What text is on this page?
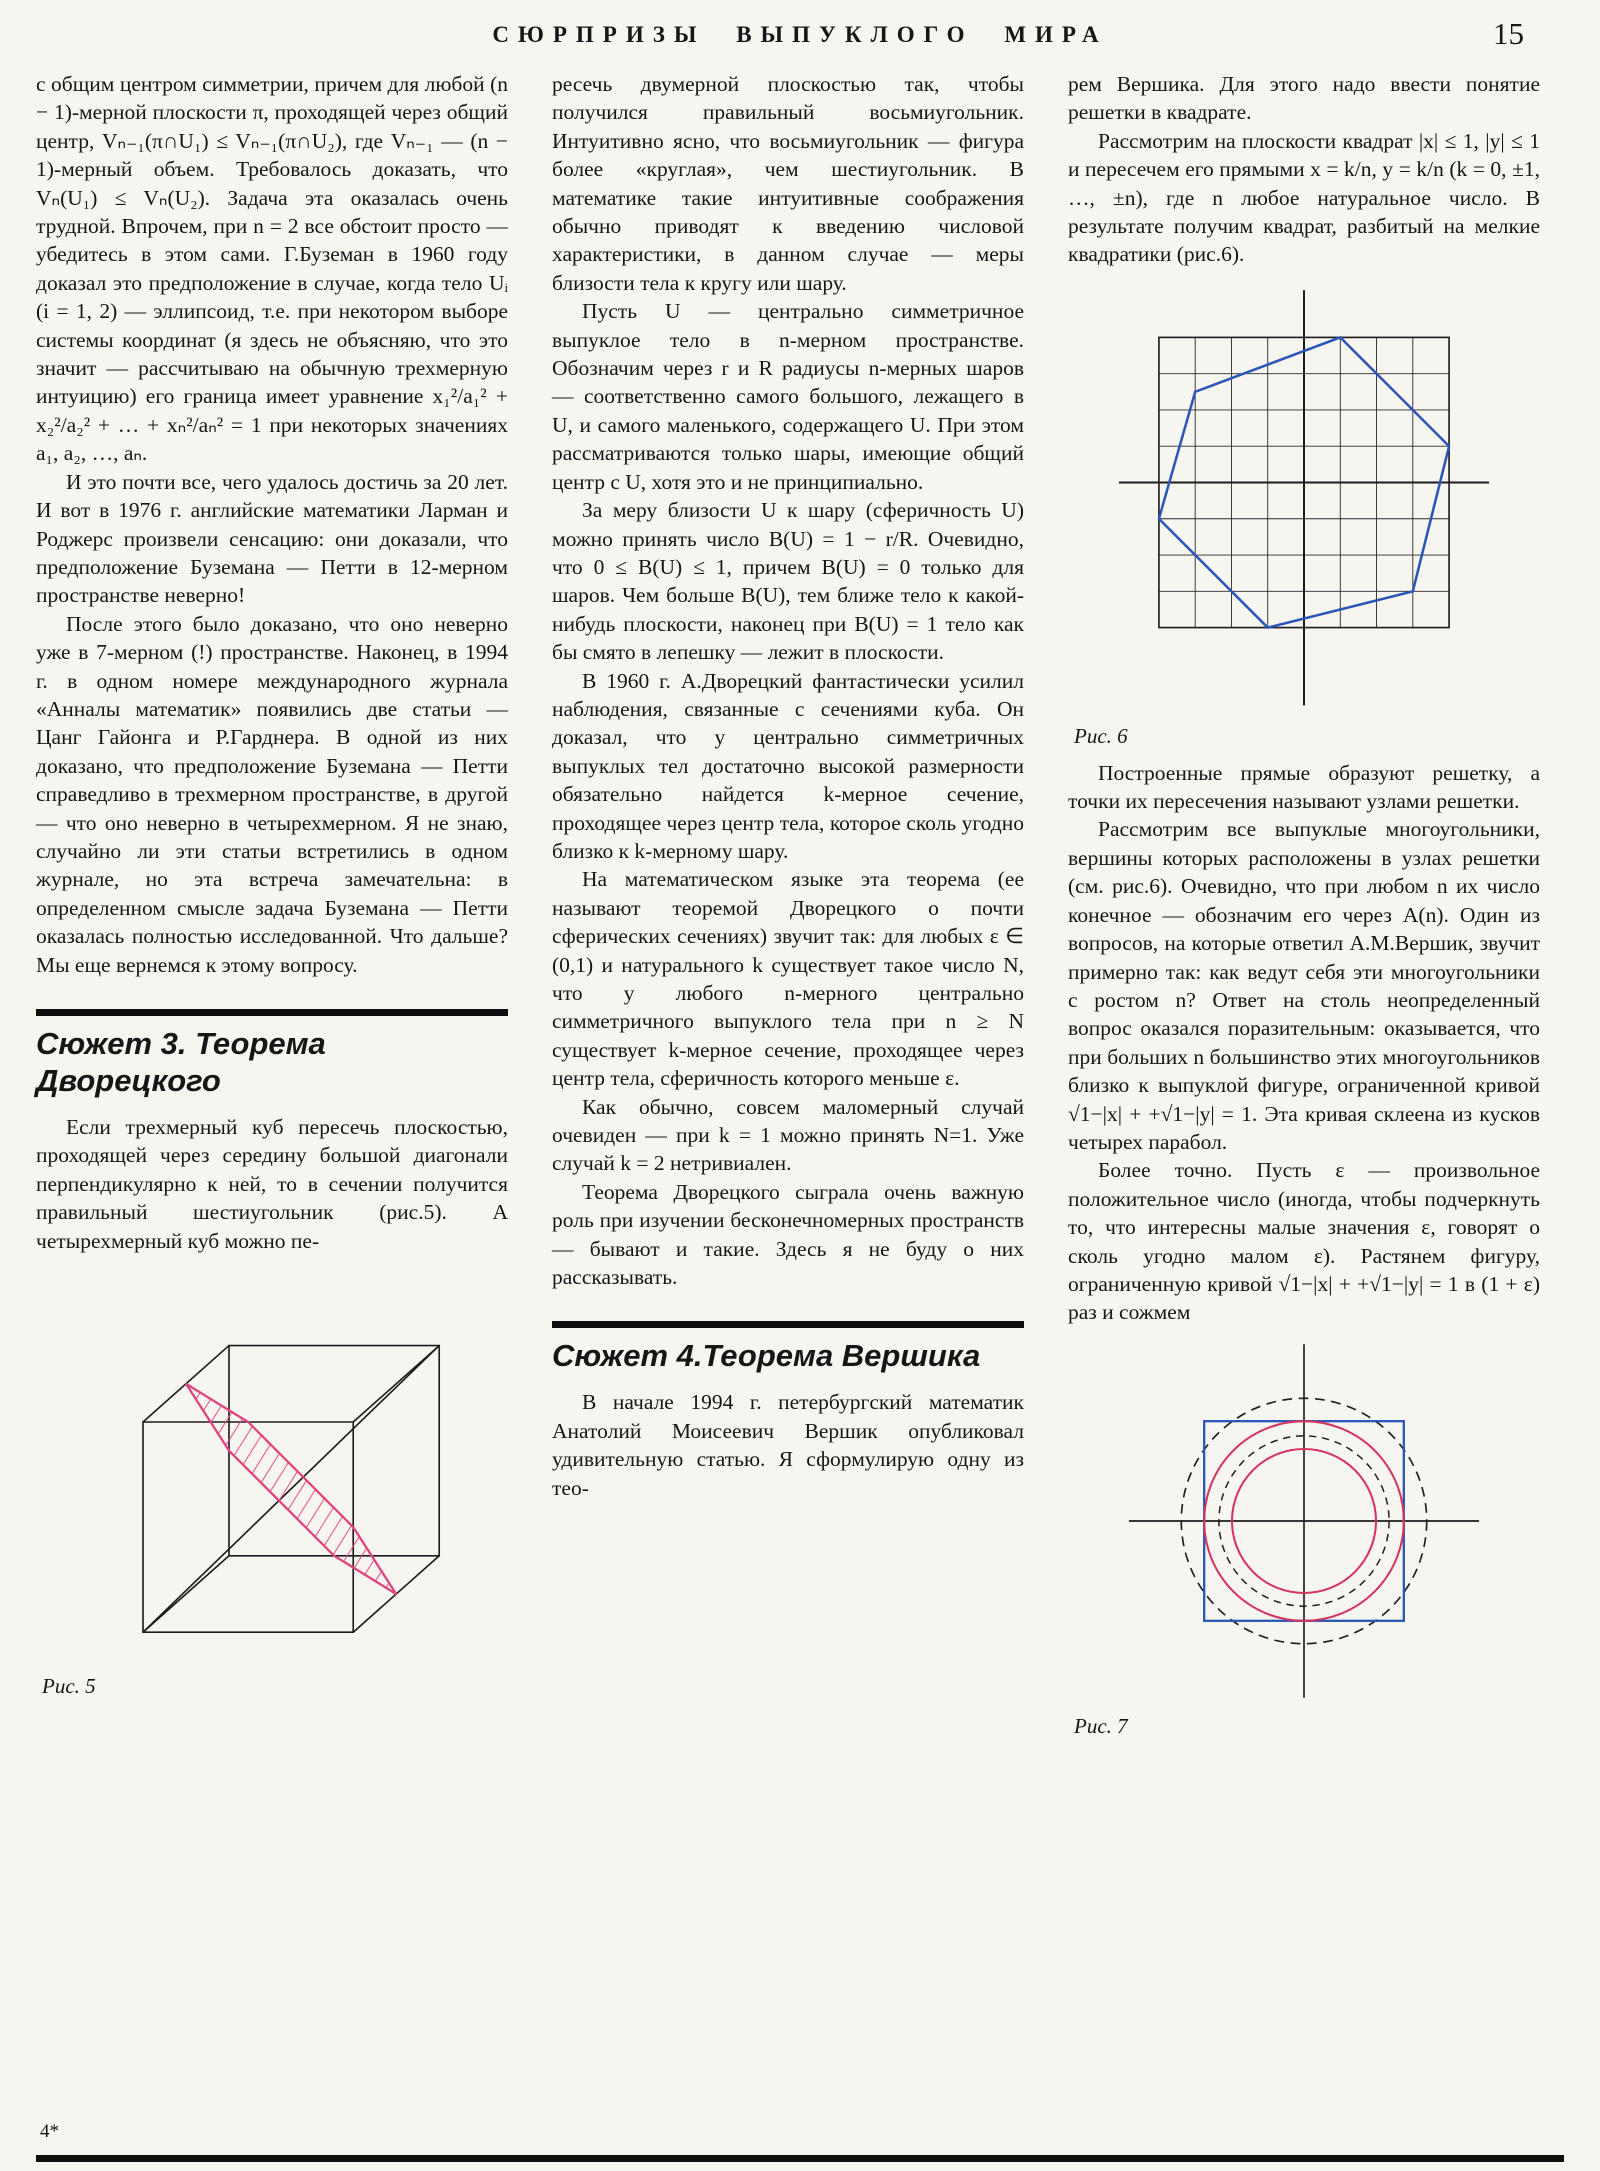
СЮРПРИЗЫ ВЫПУКЛОГО МИРА	15

с общим центром симметрии, причем для любой (n − 1)-мерной плоскости π, проходящей через общий центр, Vₙ₋₁(π∩U₁) ≤ Vₙ₋₁(π∩U₂), где Vₙ₋₁ — (n − 1)-мерный объем. Требовалось доказать, что Vₙ(U₁) ≤ Vₙ(U₂). Задача эта оказалась очень трудной. Впрочем, при n = 2 все обстоит просто — убедитесь в этом сами. Г.Буземан в 1960 году доказал это предположение в случае, когда тело Uᵢ (i = 1, 2) — эллипсоид, т.е. при некотором выборе системы координат (я здесь не объясняю, что это значит — рассчитываю на обычную трехмерную интуицию) его граница имеет уравнение x₁²/a₁² + x₂²/a₂² + … + xₙ²/aₙ² = 1 при некоторых значениях a₁, a₂, …, aₙ.

И это почти все, чего удалось достичь за 20 лет. И вот в 1976 г. английские математики Ларман и Роджерс произвели сенсацию: они доказали, что предположение Буземана — Петти в 12-мерном пространстве неверно!

После этого было доказано, что оно неверно уже в 7-мерном (!) пространстве. Наконец, в 1994 г. в одном номере международного журнала «Анналы математик» появились две статьи — Цанг Гайонга и Р.Гарднера. В одной из них доказано, что предположение Буземана — Петти справедливо в трехмерном пространстве, в другой — что оно неверно в четырехмерном. Я не знаю, случайно ли эти статьи встретились в одном журнале, но эта встреча замечательна: в определенном смысле задача Буземана — Петти оказалась полностью исследованной. Что дальше? Мы еще вернемся к этому вопросу.

Сюжет 3. Теорема Дворецкого

Если трехмерный куб пересечь плоскостью, проходящей через середину большой диагонали перпендикулярно к ней, то в сечении получится правильный шестиугольник (рис.5). А четырехмерный куб можно пе-

Рис. 5

ресечь двумерной плоскостью так, чтобы получился правильный восьмиугольник. Интуитивно ясно, что восьмиугольник — фигура более «круглая», чем шестиугольник. В математике такие интуитивные соображения обычно приводят к введению числовой характеристики, в данном случае — меры близости тела к кругу или шару.

Пусть U — центрально симметричное выпуклое тело в n-мерном пространстве. Обозначим через r и R радиусы n-мерных шаров — соответственно самого большого, лежащего в U, и самого маленького, содержащего U. При этом рассматриваются только шары, имеющие общий центр с U, хотя это и не принципиально.

За меру близости U к шару (сферичность U) можно принять число B(U) = 1 − r/R. Очевидно, что 0 ≤ B(U) ≤ 1, причем B(U) = 0 только для шаров. Чем больше B(U), тем ближе тело к какой-нибудь плоскости, наконец при B(U) = 1 тело как бы смято в лепешку — лежит в плоскости.

В 1960 г. А.Дворецкий фантастически усилил наблюдения, связанные с сечениями куба. Он доказал, что у центрально симметричных выпуклых тел достаточно высокой размерности обязательно найдется k-мерное сечение, проходящее через центр тела, которое сколь угодно близко к k-мерному шару.

На математическом языке эта теорема (ее называют теоремой Дворецкого о почти сферических сечениях) звучит так: для любых ε ∈ (0,1) и натурального k существует такое число N, что у любого n-мерного центрально симметричного выпуклого тела при n ≥ N существует k-мерное сечение, проходящее через центр тела, сферичность которого меньше ε.

Как обычно, совсем маломерный случай очевиден — при k = 1 можно принять N=1. Уже случай k = 2 нетривиален.

Теорема Дворецкого сыграла очень важную роль при изучении бесконечномерных пространств — бывают и такие. Здесь я не буду о них рассказывать.

Сюжет 4.Теорема Вершика

В начале 1994 г. петербургский математик Анатолий Моисеевич Вершик опубликовал удивительную статью. Я сформулирую одну из тео-

рем Вершика. Для этого надо ввести понятие решетки в квадрате.

Рассмотрим на плоскости квадрат |x| ≤ 1, |y| ≤ 1 и пересечем его прямыми x = k/n, y = k/n (k = 0, ±1, …, ±n), где n любое натуральное число. В результате получим квадрат, разбитый на мелкие квадратики (рис.6).

Рис. 6

Построенные прямые образуют решетку, а точки их пересечения называют узлами решетки.

Рассмотрим все выпуклые многоугольники, вершины которых расположены в узлах решетки (см. рис.6). Очевидно, что при любом n их число конечное — обозначим его через A(n). Один из вопросов, на которые ответил А.М.Вершик, звучит примерно так: как ведут себя эти многоугольники с ростом n? Ответ на столь неопределенный вопрос оказался поразительным: оказывается, что при больших n большинство этих многоугольников близко к выпуклой фигуре, ограниченной кривой √1−|x| + +√1−|y| = 1. Эта кривая склеена из кусков четырех парабол.

Более точно. Пусть ε — произвольное положительное число (иногда, чтобы подчеркнуть то, что интересны малые значения ε, говорят о сколь угодно малом ε). Растянем фигуру, ограниченную кривой √1−|x| + +√1−|y| = 1 в (1 + ε) раз и сожмем

Рис. 7

4*
